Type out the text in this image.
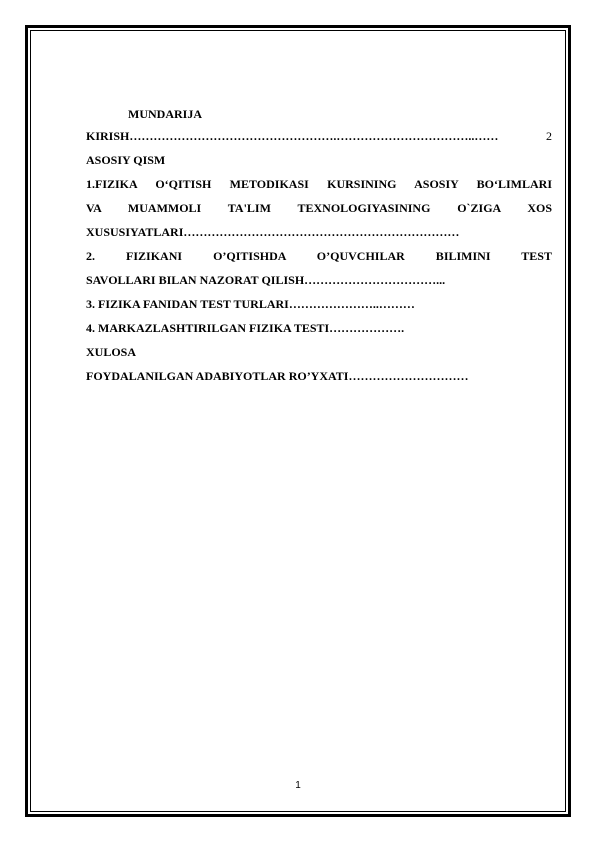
MUNDARIJA
KIRISH…………………………………………….……………………………..……	2
ASOSIY QISM
1.FIZIKA O‘QITISH METODIKASI KURSINING ASOSIY BO‘LIMLARI
VA MUAMMOLI TA'LIM TEXNOLOGIYASINING O`ZIGA XOS
XUSUSIYATLARI……………………………………………………………
2. FIZIKANI O’QITISHDA O’QUVCHILAR BILIMINI TEST
SAVOLLARI BILAN NAZORAT QILISH……………………………...
3. FIZIKA FANIDAN TEST TURLARI…………………..………
4. MARKAZLASHTIRILGAN FIZIKA TESTI……………….
XULOSA
FOYDALANILGAN ADABIYOTLAR RO’YXATI…………………………
1
